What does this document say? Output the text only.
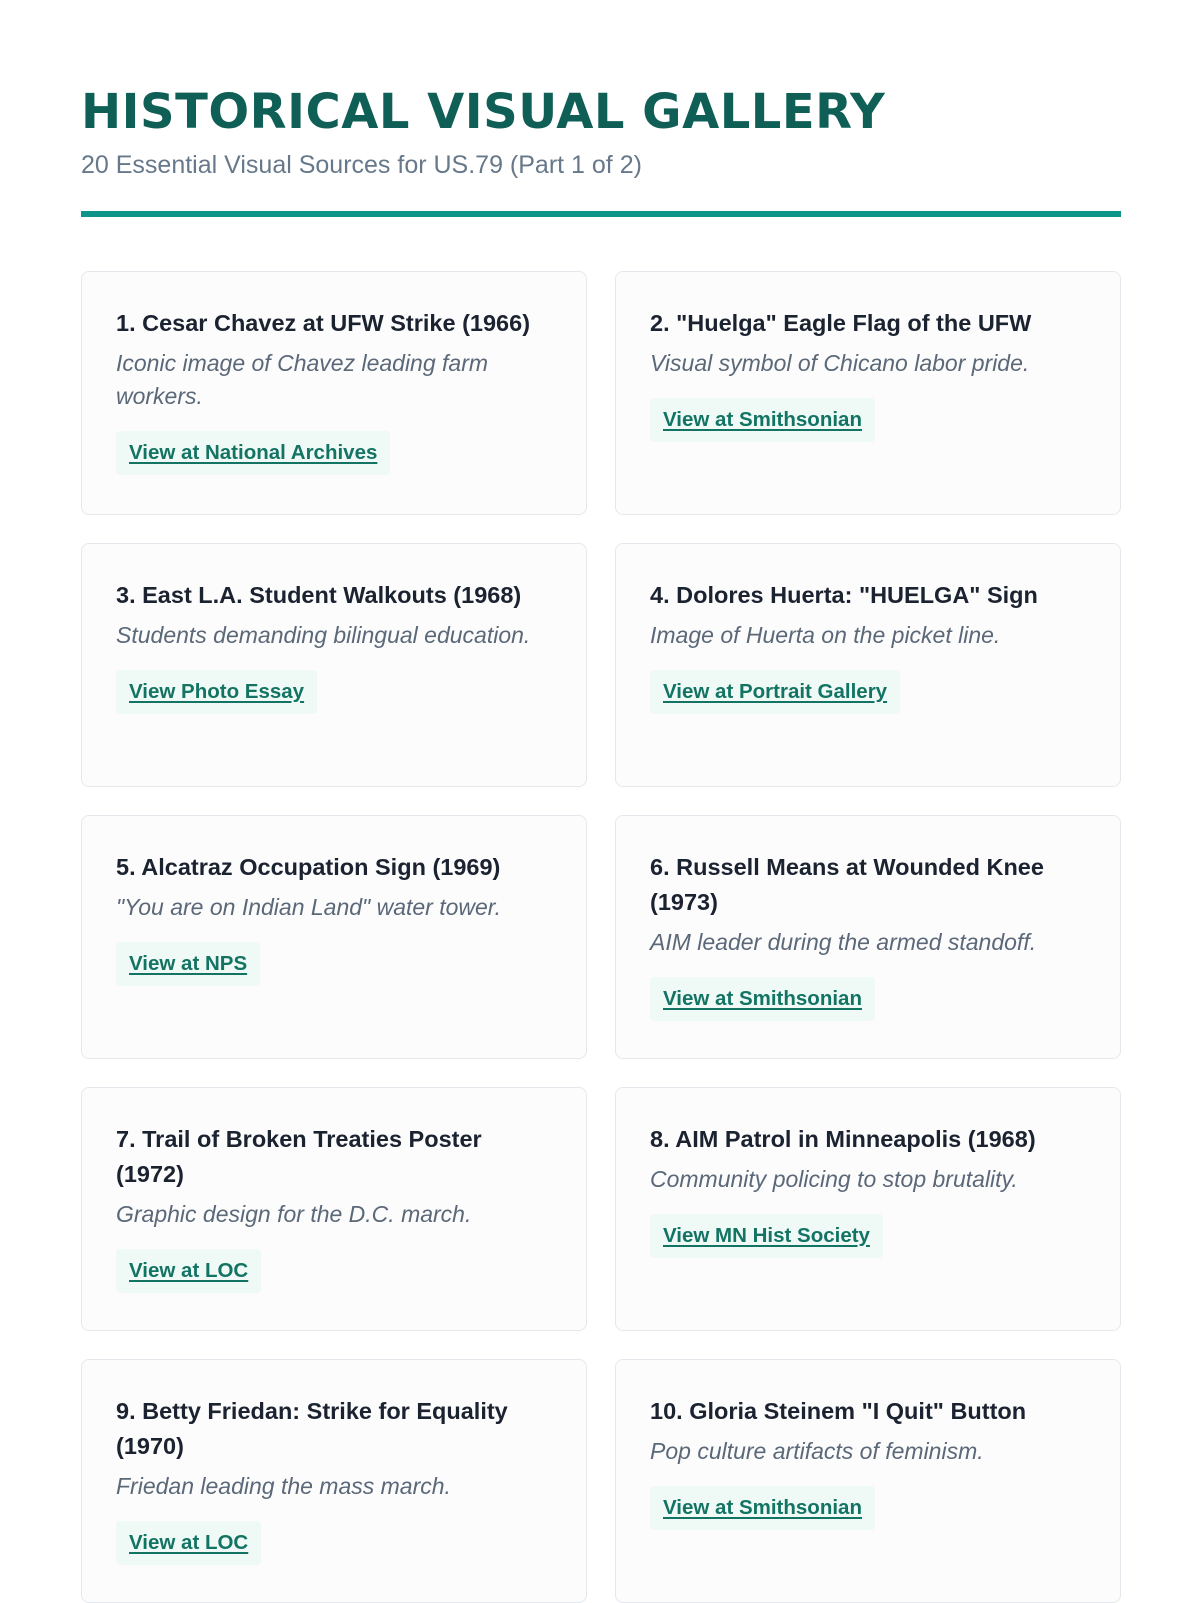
HISTORICAL VISUAL GALLERY
20 Essential Visual Sources for US.79 (Part 1 of 2)
1. Cesar Chavez at UFW Strike (1966)

Iconic image of Chavez leading farm workers.

View at National Archives
2. "Huelga" Eagle Flag of the UFW

Visual symbol of Chicano labor pride.

View at Smithsonian
3. East L.A. Student Walkouts (1968)

Students demanding bilingual education.

View Photo Essay
4. Dolores Huerta: "HUELGA" Sign

Image of Huerta on the picket line.

View at Portrait Gallery
5. Alcatraz Occupation Sign (1969)

"You are on Indian Land" water tower.

View at NPS
6. Russell Means at Wounded Knee (1973)

AIM leader during the armed standoff.

View at Smithsonian
7. Trail of Broken Treaties Poster (1972)

Graphic design for the D.C. march.

View at LOC
8. AIM Patrol in Minneapolis (1968)

Community policing to stop brutality.

View MN Hist Society
9. Betty Friedan: Strike for Equality (1970)

Friedan leading the mass march.

View at LOC
10. Gloria Steinem "I Quit" Button

Pop culture artifacts of feminism.

View at Smithsonian
